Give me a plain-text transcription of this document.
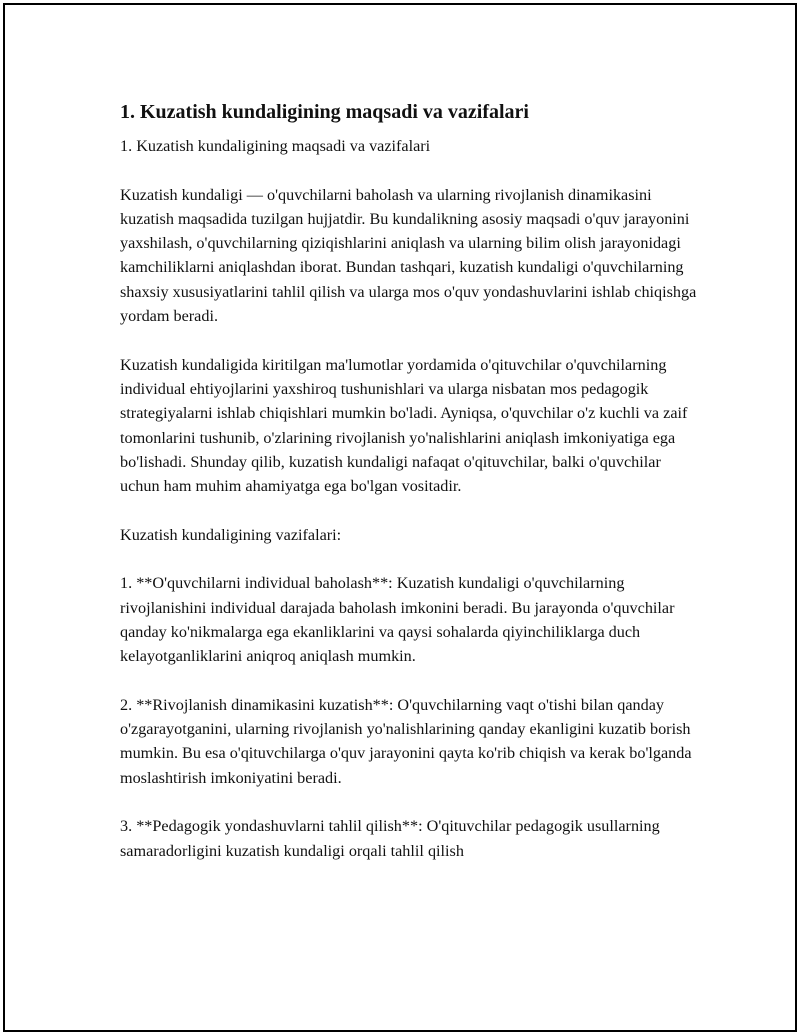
1. Kuzatish kundaligining maqsadi va vazifalari

1. Kuzatish kundaligining maqsadi va vazifalari

Kuzatish kundaligi — o'quvchilarni baholash va ularning rivojlanish dinamikasini kuzatish maqsadida tuzilgan hujjatdir. Bu kundalikning asosiy maqsadi o'quv jarayonini yaxshilash, o'quvchilarning qiziqishlarini aniqlash va ularning bilim olish jarayonidagi kamchiliklarni aniqlashdan iborat. Bundan tashqari, kuzatish kundaligi o'quvchilarning shaxsiy xususiyatlarini tahlil qilish va ularga mos o'quv yondashuvlarini ishlab chiqishga yordam beradi.

Kuzatish kundaligida kiritilgan ma'lumotlar yordamida o'qituvchilar o'quvchilarning individual ehtiyojlarini yaxshiroq tushunishlari va ularga nisbatan mos pedagogik strategiyalarni ishlab chiqishlari mumkin bo'ladi. Ayniqsa, o'quvchilar o'z kuchli va zaif tomonlarini tushunib, o'zlarining rivojlanish yo'nalishlarini aniqlash imkoniyatiga ega bo'lishadi. Shunday qilib, kuzatish kundaligi nafaqat o'qituvchilar, balki o'quvchilar uchun ham muhim ahamiyatga ega bo'lgan vositadir.

Kuzatish kundaligining vazifalari:

1. **O'quvchilarni individual baholash**: Kuzatish kundaligi o'quvchilarning rivojlanishini individual darajada baholash imkonini beradi. Bu jarayonda o'quvchilar qanday ko'nikmalarga ega ekanliklarini va qaysi sohalarda qiyinchiliklarga duch kelayotganliklarini aniqroq aniqlash mumkin.

2. **Rivojlanish dinamikasini kuzatish**: O'quvchilarning vaqt o'tishi bilan qanday o'zgarayotganini, ularning rivojlanish yo'nalishlarining qanday ekanligini kuzatib borish mumkin. Bu esa o'qituvchilarga o'quv jarayonini qayta ko'rib chiqish va kerak bo'lganda moslashtirish imkoniyatini beradi.

3. **Pedagogik yondashuvlarni tahlil qilish**: O'qituvchilar pedagogik usullarning samaradorligini kuzatish kundaligi orqali tahlil qilish
